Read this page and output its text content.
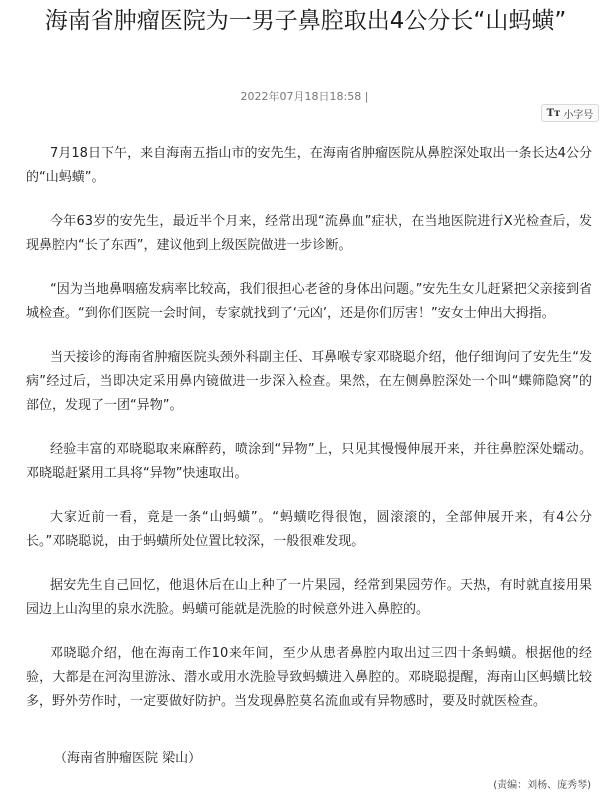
海南省肿瘤医院为一男子鼻腔取出4公分长“山蚂蟥”
2022年07月18日18:58 |
Tт 小字号

7月18日下午，来自海南五指山市的安先生，在海南省肿瘤医院从鼻腔深处取出一条长达4公分的“山蚂蟥”。

今年63岁的安先生，最近半个月来，经常出现“流鼻血”症状，在当地医院进行X光检查后，发现鼻腔内“长了东西”，建议他到上级医院做进一步诊断。

“因为当地鼻咽癌发病率比较高，我们很担心老爸的身体出问题。”安先生女儿赶紧把父亲接到省城检查。“到你们医院一会时间，专家就找到了‘元凶’，还是你们厉害！”安女士伸出大拇指。

当天接诊的海南省肿瘤医院头颈外科副主任、耳鼻喉专家邓晓聪介绍，他仔细询问了安先生“发病”经过后，当即决定采用鼻内镜做进一步深入检查。果然，在左侧鼻腔深处一个叫“蝶筛隐窝”的部位，发现了一团“异物”。

经验丰富的邓晓聪取来麻醉药，喷涂到“异物”上，只见其慢慢伸展开来，并往鼻腔深处蠕动。邓晓聪赶紧用工具将“异物”快速取出。

大家近前一看，竟是一条“山蚂蟥”。“蚂蟥吃得很饱，圆滚滚的，全部伸展开来，有4公分长。”邓晓聪说，由于蚂蟥所处位置比较深，一般很难发现。

据安先生自己回忆，他退休后在山上种了一片果园，经常到果园劳作。天热，有时就直接用果园边上山沟里的泉水洗脸。蚂蟥可能就是洗脸的时候意外进入鼻腔的。

邓晓聪介绍，他在海南工作10来年间，至少从患者鼻腔内取出过三四十条蚂蟥。根据他的经验，大都是在河沟里游泳、潜水或用水洗脸导致蚂蟥进入鼻腔的。邓晓聪提醒，海南山区蚂蟥比较多，野外劳作时，一定要做好防护。当发现鼻腔莫名流血或有异物感时，要及时就医检查。

（海南省肿瘤医院 梁山）
(责编：刘杨、庞秀琴)
